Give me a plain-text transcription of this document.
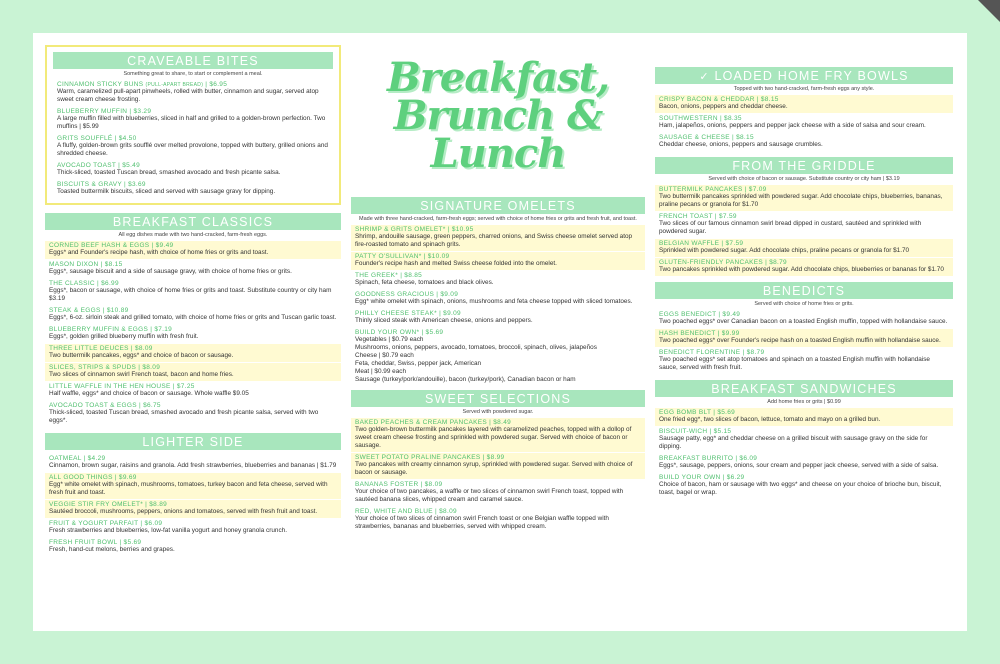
CRAVEABLE BITES
Something great to share, to start or complement a meal.
CINNAMON STICKY BUNS (PULL-APART BREAD) | $6.95
Warm, caramelized pull-apart pinwheels, rolled with butter, cinnamon and sugar, served atop sweet cream cheese frosting.
BLUEBERRY MUFFIN | $3.29
A large muffin filled with blueberries, sliced in half and grilled to a golden-brown perfection. Two muffins | $5.99
GRITS SOUFFLÉ | $4.50
A fluffy, golden-brown grits soufflé over melted provolone, topped with buttery, grilled onions and shredded cheese.
AVOCADO TOAST | $5.49
Thick-sliced, toasted Tuscan bread, smashed avocado and fresh picante salsa.
BISCUITS & GRAVY | $3.69
Toasted buttermilk biscuits, sliced and served with sausage gravy for dipping.
BREAKFAST CLASSICS
All egg dishes made with two hand-cracked, farm-fresh eggs.
CORNED BEEF HASH & EGGS | $9.49
Eggs* and Founder's recipe hash, with choice of home fries or grits and toast.
MASON DIXON | $8.15
Eggs*, sausage biscuit and a side of sausage gravy, with choice of home fries or grits.
THE CLASSIC | $6.99
Eggs*, bacon or sausage, with choice of home fries or grits and toast. Substitute country or city ham $3.19
STEAK & EGGS | $10.89
Eggs*, 6-oz. sirloin steak and grilled tomato, with choice of home fries or grits and Tuscan garlic toast.
BLUEBERRY MUFFIN & EGGS | $7.19
Eggs*, golden grilled blueberry muffin with fresh fruit.
THREE LITTLE DEUCES | $8.09
Two buttermilk pancakes, eggs* and choice of bacon or sausage.
SLICES, STRIPS & SPUDS | $8.09
Two slices of cinnamon swirl French toast, bacon and home fries.
LITTLE WAFFLE IN THE HEN HOUSE | $7.25
Half waffle, eggs* and choice of bacon or sausage. Whole waffle $9.05
AVOCADO TOAST & EGGS | $6.75
Thick-sliced, toasted Tuscan bread, smashed avocado and fresh picante salsa, served with two eggs*.
LIGHTER SIDE
OATMEAL | $4.29
Cinnamon, brown sugar, raisins and granola. Add fresh strawberries, blueberries and bananas | $1.79
ALL GOOD THINGS | $9.69
Egg* white omelet with spinach, mushrooms, tomatoes, turkey bacon and feta cheese, served with fresh fruit and toast.
VEGGIE STIR FRY OMELET* | $8.89
Sautéed broccoli, mushrooms, peppers, onions and tomatoes, served with fresh fruit and toast.
FRUIT & YOGURT PARFAIT | $6.09
Fresh strawberries and blueberries, low-fat vanilla yogurt and honey granola crunch.
FRESH FRUIT BOWL | $5.69
Fresh, hand-cut melons, berries and grapes.
Breakfast,
Brunch &
Lunch
SIGNATURE OMELETS
Made with three hand-cracked, farm-fresh eggs; served with choice of home fries or grits and fresh fruit, and toast.
SHRIMP & GRITS OMELET* | $10.95
Shrimp, andouille sausage, green peppers, charred onions, and Swiss cheese omelet served atop fire-roasted tomato and spinach grits.
PATTY O'SULLIVAN* | $10.09
Founder's recipe hash and melted Swiss cheese folded into the omelet.
THE GREEK* | $8.85
Spinach, feta cheese, tomatoes and black olives.
GOODNESS GRACIOUS | $9.09
Egg* white omelet with spinach, onions, mushrooms and feta cheese topped with sliced tomatoes.
PHILLY CHEESE STEAK* | $9.09
Thinly sliced steak with American cheese, onions and peppers.
BUILD YOUR OWN* | $5.69
Vegetables | $0.79 each
Mushrooms, onions, peppers, avocado, tomatoes, broccoli, spinach, olives, jalapeños
Cheese | $0.79 each
Feta, cheddar, Swiss, pepper jack, American
Meat | $0.99 each
Sausage (turkey/pork/andouille), bacon (turkey/pork), Canadian bacon or ham
SWEET SELECTIONS
Served with powdered sugar.
BAKED PEACHES & CREAM PANCAKES | $8.49
Two golden-brown buttermilk pancakes layered with caramelized peaches, topped with a dollop of sweet cream cheese frosting and sprinkled with powdered sugar. Served with choice of bacon or sausage.
SWEET POTATO PRALINE PANCAKES | $8.99
Two pancakes with creamy cinnamon syrup, sprinkled with powdered sugar. Served with choice of bacon or sausage.
BANANAS FOSTER | $8.09
Your choice of two pancakes, a waffle or two slices of cinnamon swirl French toast, topped with sautéed banana slices, whipped cream and caramel sauce.
RED, WHITE AND BLUE | $8.09
Your choice of two slices of cinnamon swirl French toast or one Belgian waffle topped with strawberries, bananas and blueberries, served with whipped cream.
✓ LOADED HOME FRY BOWLS
Topped with two hand-cracked, farm-fresh eggs any style.
CRISPY BACON & CHEDDAR | $8.15
Bacon, onions, peppers and cheddar cheese.
SOUTHWESTERN | $8.35
Ham, jalapeños, onions, peppers and pepper jack cheese with a side of salsa and sour cream.
SAUSAGE & CHEESE | $8.15
Cheddar cheese, onions, peppers and sausage crumbles.
FROM THE GRIDDLE
Served with choice of bacon or sausage. Substitute country or city ham | $3.19
BUTTERMILK PANCAKES | $7.09
Two buttermilk pancakes sprinkled with powdered sugar. Add chocolate chips, blueberries, bananas, praline pecans or granola for $1.70
FRENCH TOAST | $7.59
Two slices of our famous cinnamon swirl bread dipped in custard, sautéed and sprinkled with powdered sugar.
BELGIAN WAFFLE | $7.59
Sprinkled with powdered sugar. Add chocolate chips, praline pecans or granola for $1.70
GLUTEN-FRIENDLY PANCAKES | $8.79
Two pancakes sprinkled with powdered sugar. Add chocolate chips, blueberries or bananas for $1.70
BENEDICTS
Served with choice of home fries or grits.
EGGS BENEDICT | $9.49
Two poached eggs* over Canadian bacon on a toasted English muffin, topped with hollandaise sauce.
HASH BENEDICT | $9.99
Two poached eggs* over Founder's recipe hash on a toasted English muffin with hollandaise sauce.
BENEDICT FLORENTINE | $8.79
Two poached eggs* set atop tomatoes and spinach on a toasted English muffin with hollandaise sauce, served with fresh fruit.
BREAKFAST SANDWICHES
Add home fries or grits | $0.99
EGG BOMB BLT | $5.69
One fried egg*, two slices of bacon, lettuce, tomato and mayo on a grilled bun.
BISCUIT-WICH | $5.15
Sausage patty, egg* and cheddar cheese on a grilled biscuit with sausage gravy on the side for dipping.
BREAKFAST BURRITO | $6.09
Eggs*, sausage, peppers, onions, sour cream and pepper jack cheese, served with a side of salsa.
BUILD YOUR OWN | $6.29
Choice of bacon, ham or sausage with two eggs* and cheese on your choice of brioche bun, biscuit, toast, bagel or wrap.
